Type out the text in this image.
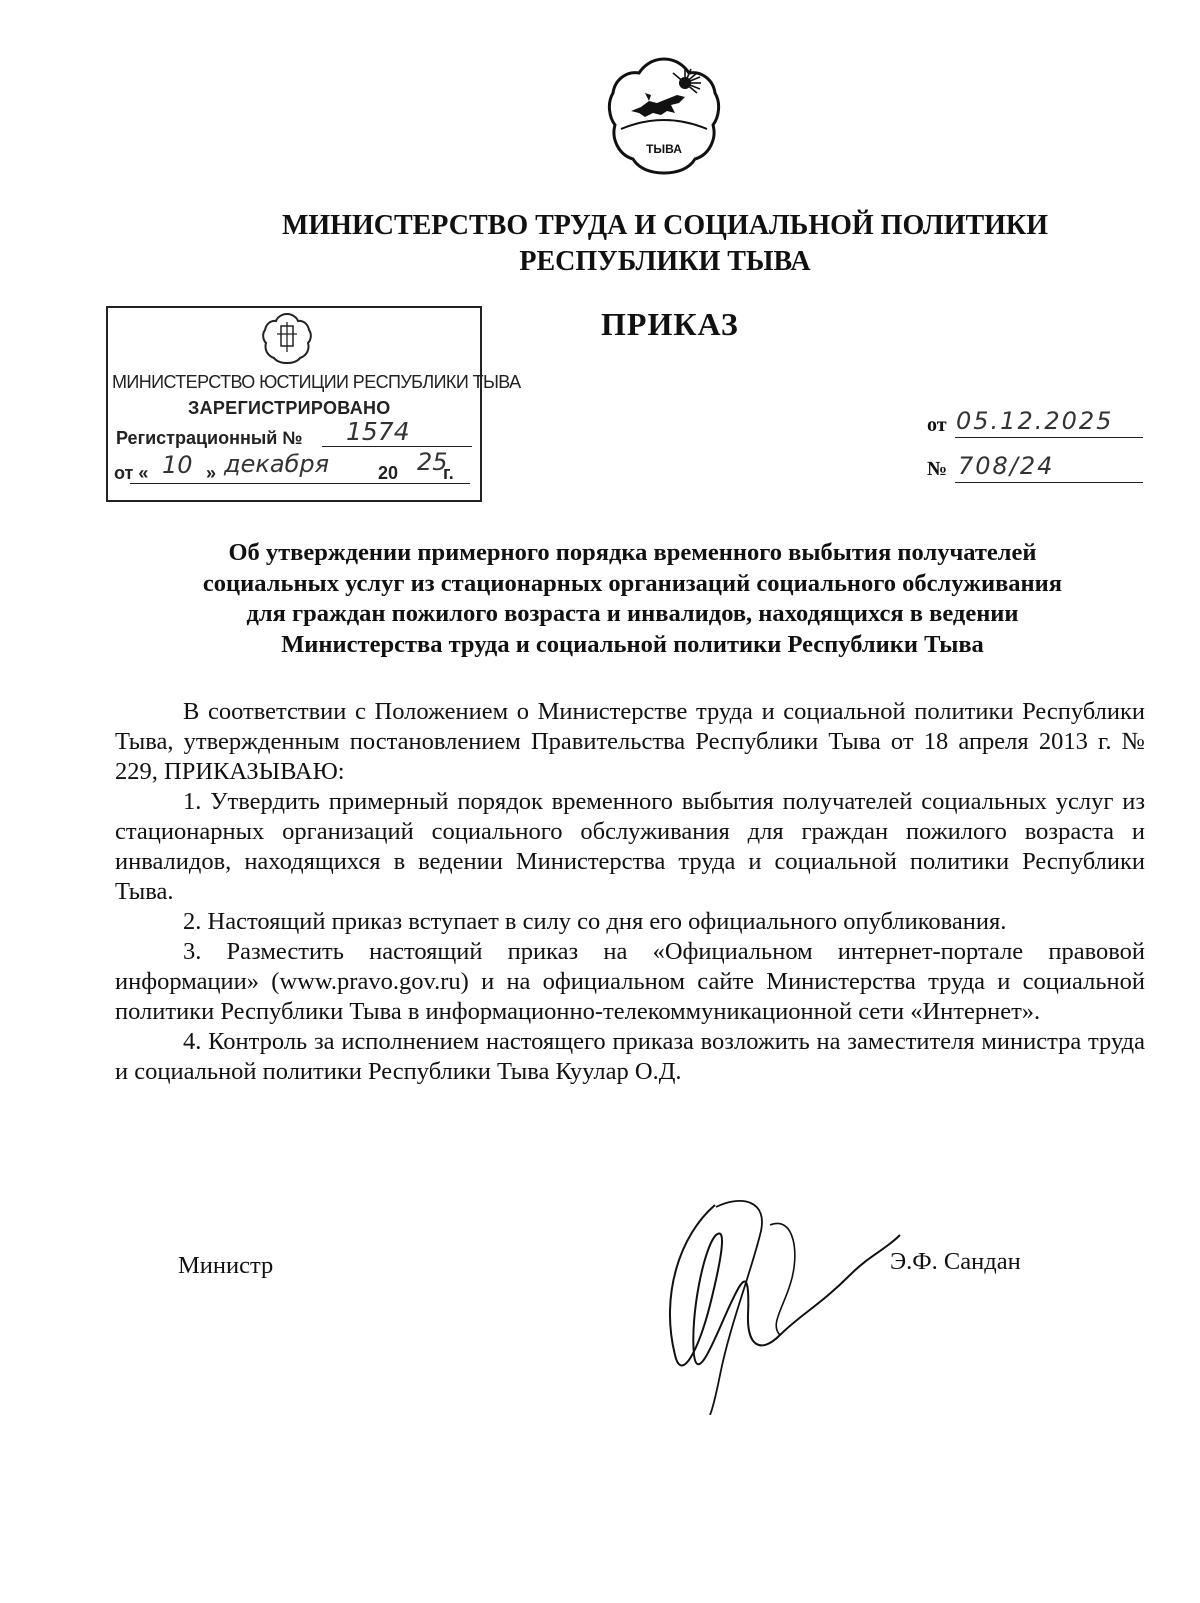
ТЫВА
МИНИСТЕРСТВО ТРУДА И СОЦИАЛЬНОЙ ПОЛИТИКИ
РЕСПУБЛИКИ ТЫВА
ПРИКАЗ
МИНИСТЕРСТВО ЮСТИЦИИ РЕСПУБЛИКИ ТЫВА
ЗАРЕГИСТРИРОВАНО
Регистрационный № 1574
от « 10 » декабря	20 25
г.
от 05.12.2025
№ 708/24
Об утверждении примерного порядка временного выбытия получателей
социальных услуг из стационарных организаций социального обслуживания
для граждан пожилого возраста и инвалидов, находящихся в ведении
Министерства труда и социальной политики Республики Тыва

В соответствии с Положением о Министерстве труда и социальной политики Республики Тыва, утвержденным постановлением Правительства Республики Тыва от 18 апреля 2013 г. № 229, ПРИКАЗЫВАЮ:

1. Утвердить примерный порядок временного выбытия получателей социальных услуг из стационарных организаций социального обслуживания для граждан пожилого возраста и инвалидов, находящихся в ведении Министерства труда и социальной политики Республики Тыва.

2. Настоящий приказ вступает в силу со дня его официального опубликования.

3. Разместить настоящий приказ на «Официальном интернет-портале правовой информации» (www.pravo.gov.ru) и на официальном сайте Министерства труда и социальной политики Республики Тыва в информационно-телекоммуникационной сети «Интернет».

4. Контроль за исполнением настоящего приказа возложить на заместителя министра труда и социальной политики Республики Тыва Куулар О.Д.

Министр	Э.Ф. Сандан
